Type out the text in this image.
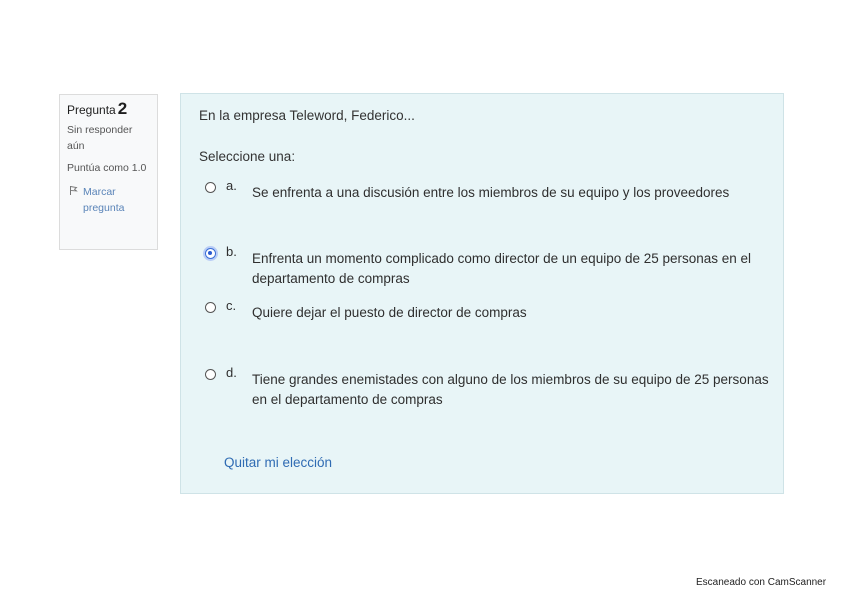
Pregunta 2
Sin responder aún
Puntúa como 1.0
Marcar pregunta
En la empresa Teleword, Federico...
Seleccione una:
a. Se enfrenta a una discusión entre los miembros de su equipo y los proveedores
b. Enfrenta un momento complicado como director de un equipo de 25 personas en el departamento de compras
c. Quiere dejar el puesto de director de compras
d. Tiene grandes enemistades con alguno de los miembros de su equipo de 25 personas en el departamento de compras
Quitar mi elección
Escaneado con CamScanner
